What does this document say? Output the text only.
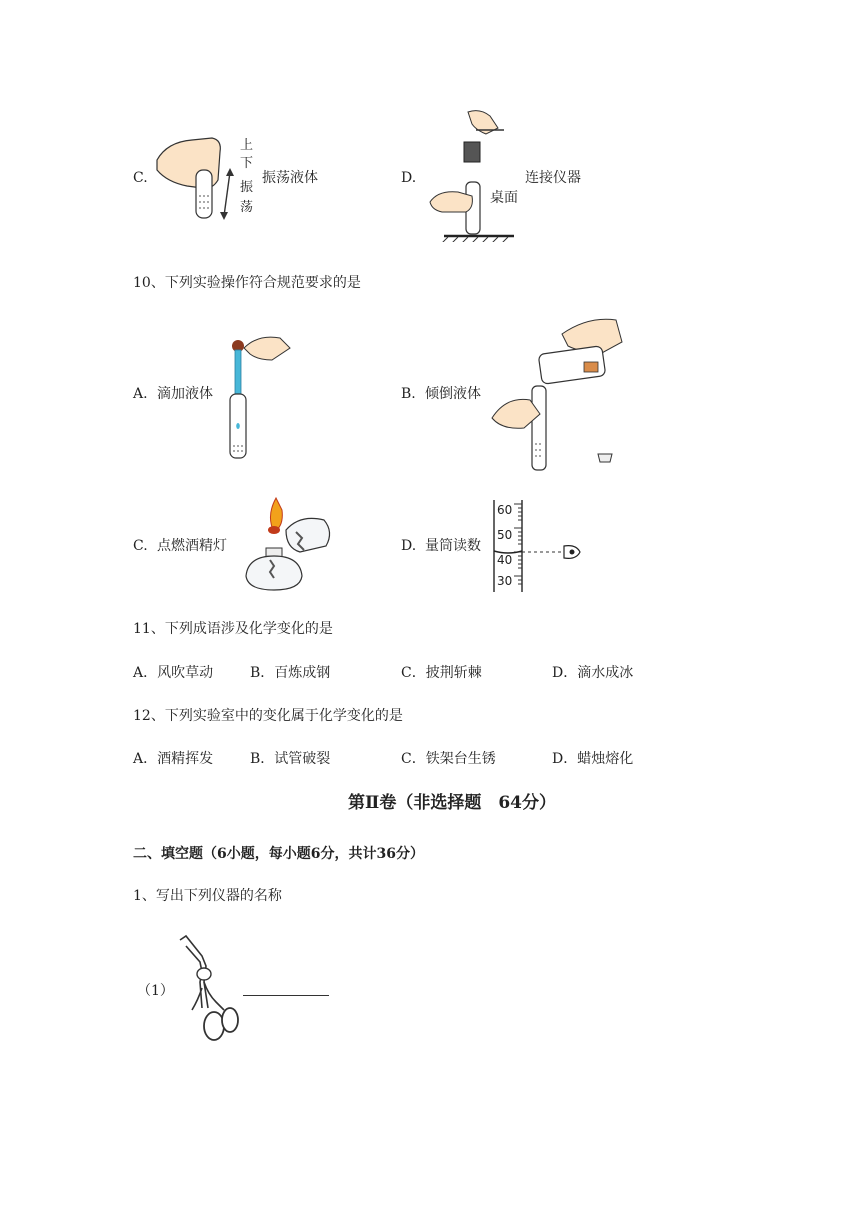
C.
上
下
振
荡
振荡液体	D.
桌面
连接仪器
10、下列实验操作符合规范要求的是
A. 滴加液体	B. 倾倒液体
C. 点燃酒精灯	D. 量筒读数
60
50
40
30
11、下列成语涉及化学变化的是
A．风吹草动	B．百炼成钢	C．披荆斩棘	D．滴水成冰
12、下列实验室中的变化属于化学变化的是
A．酒精挥发	B．试管破裂	C．铁架台生锈	D．蜡烛熔化
第Ⅱ卷（非选择题　64分）
二、填空题（6小题，每小题6分，共计36分）
1、写出下列仪器的名称
（1）
